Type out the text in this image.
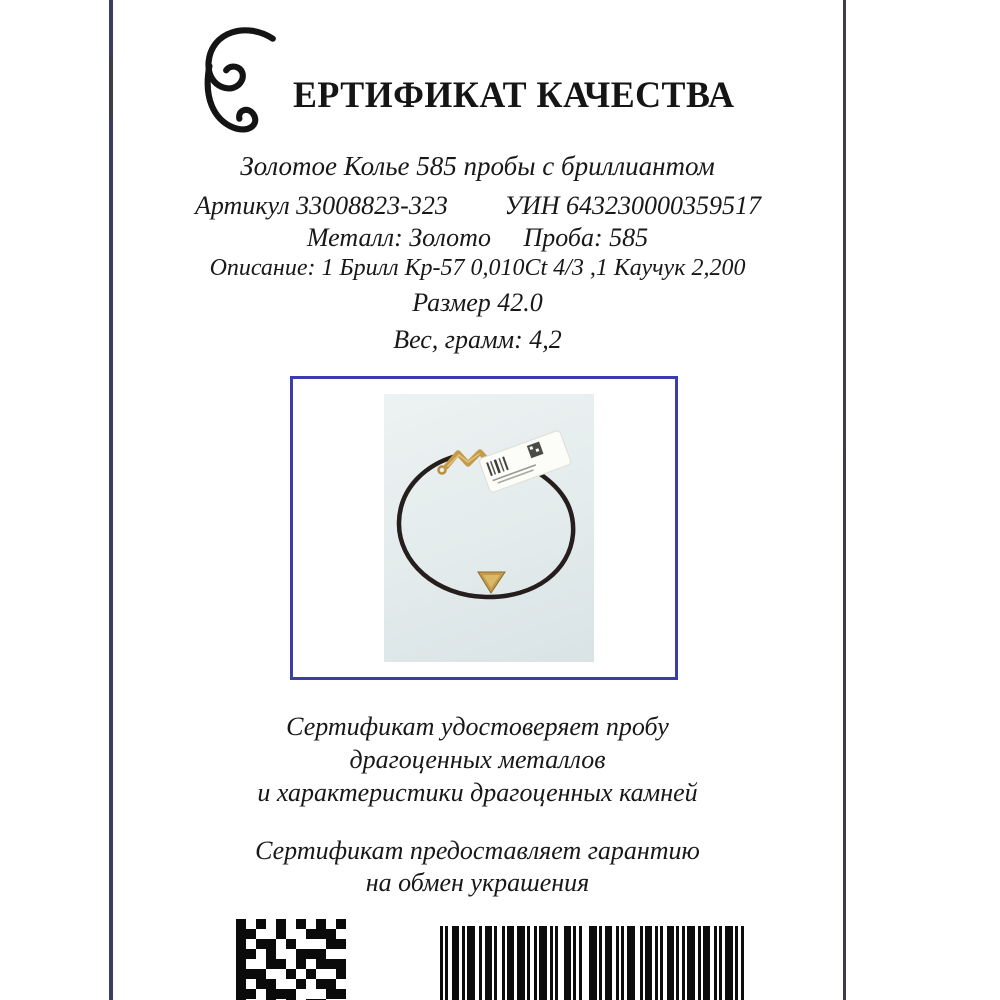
ЕРТИФИКАТ КАЧЕСТВА
Золотое Колье 585 пробы с бриллиантом
Артикул 33008823-323 УИН 643230000359517
Металл: Золото Проба: 585
Описание: 1 Брилл Кр-57 0,010Ct 4/3 ,1 Каучук 2,200
Размер 42.0
Вес, грамм: 4,2
Сертификат удостоверяет пробу
драгоценных металлов
и характеристики драгоценных камней
Сертификат предоставляет гарантию
на обмен украшения
